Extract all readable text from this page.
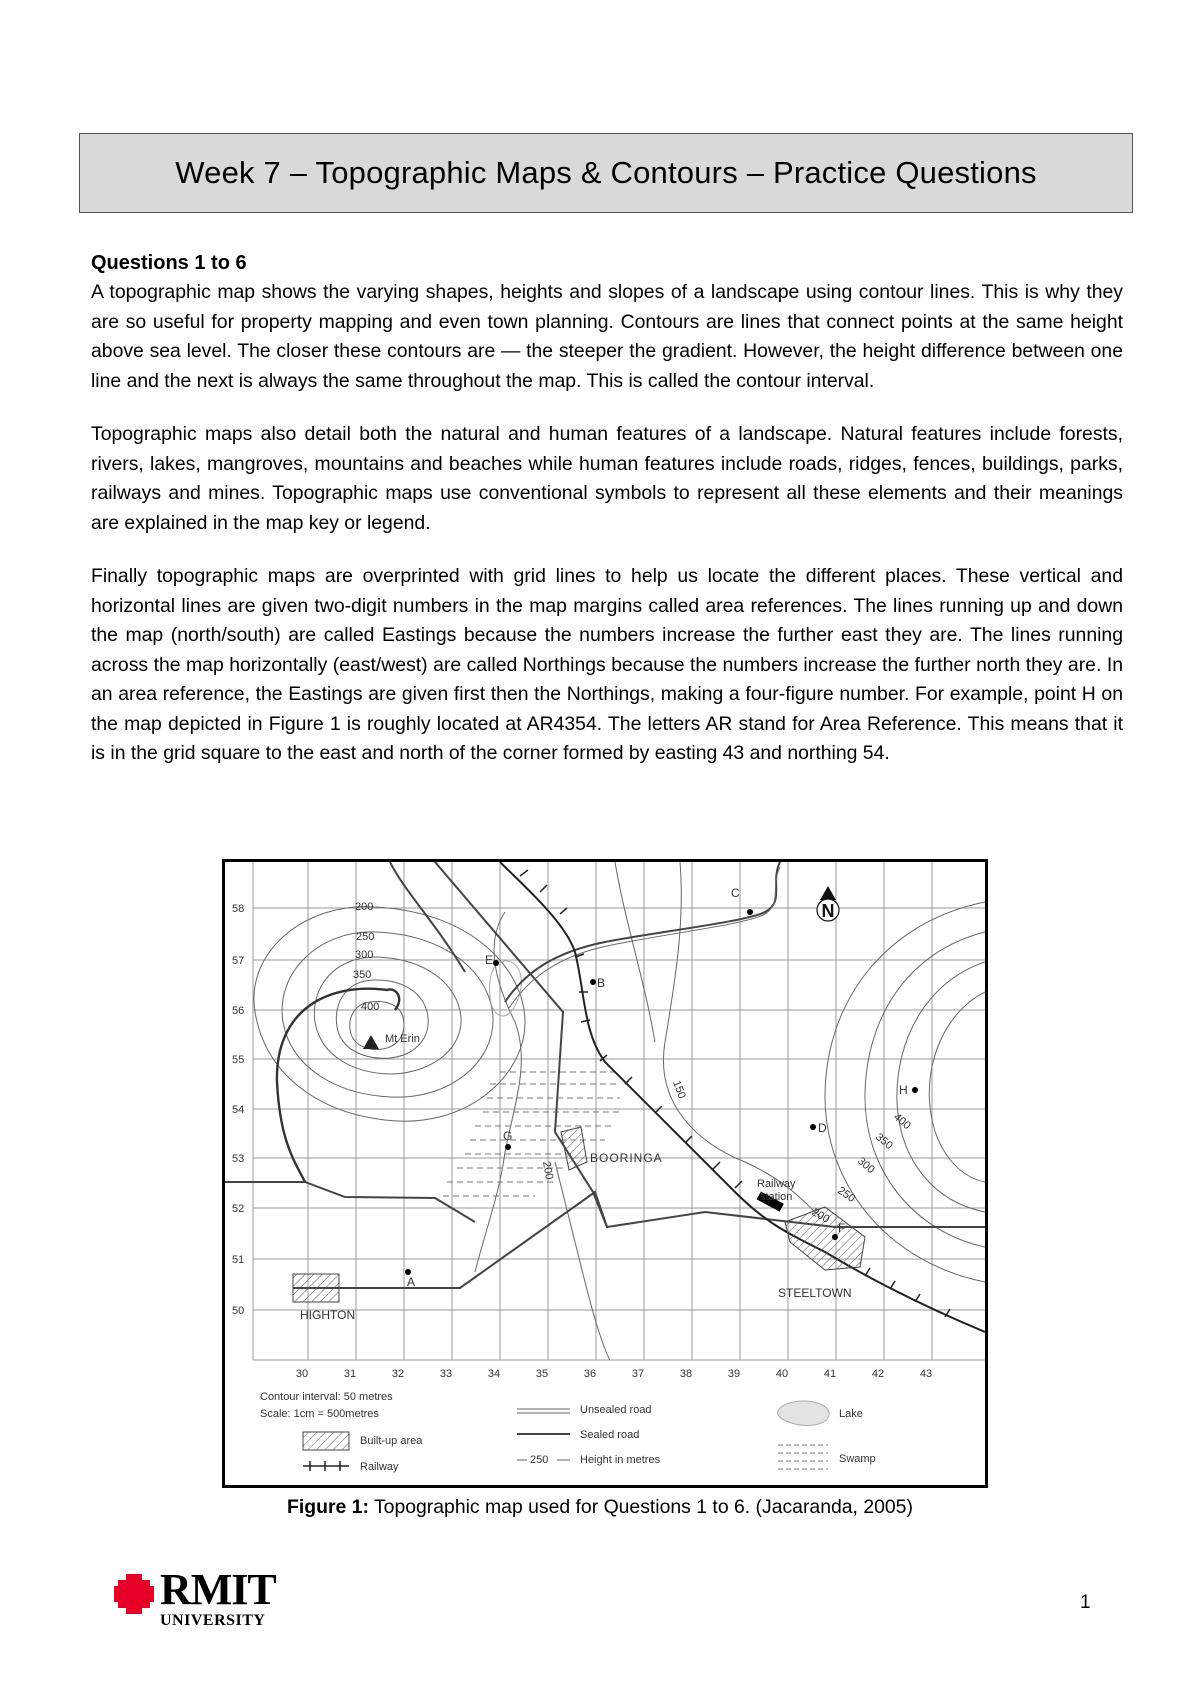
Week 7 – Topographic Maps & Contours – Practice Questions
Questions 1 to 6

A topographic map shows the varying shapes, heights and slopes of a landscape using contour lines. This is why they are so useful for property mapping and even town planning. Contours are lines that connect points at the same height above sea level. The closer these contours are — the steeper the gradient. However, the height difference between one line and the next is always the same throughout the map. This is called the contour interval.

Topographic maps also detail both the natural and human features of a landscape. Natural features include forests, rivers, lakes, mangroves, mountains and beaches while human features include roads, ridges, fences, buildings, parks, railways and mines. Topographic maps use conventional symbols to represent all these elements and their meanings are explained in the map key or legend.

Finally topographic maps are overprinted with grid lines to help us locate the different places. These vertical and horizontal lines are given two-digit numbers in the map margins called area references. The lines running up and down the map (north/south) are called Eastings because the numbers increase the further east they are. The lines running across the map horizontally (east/west) are called Northings because the numbers increase the further north they are. In an area reference, the Eastings are given first then the Northings, making a four-figure number. For example, point H on the map depicted in Figure 1 is roughly located at AR4354. The letters AR stand for Area Reference. This means that it is in the grid square to the east and north of the corner formed by easting 43 and northing 54.

58
57
56
55
54
53
52
51
50
30	31	32	33	34	35	36	37	38	39	40	41	42	43
A
B
C
D
E
F
G
H
200
250
300
350
400
150
200
400
350
300
250
200
Mt Erin
BOORINGA
HIGHTON
STEELTOWN
Railway
station
N
Contour interval: 50 metres
Scale: 1cm = 500metres
Built-up area
Railway
Unsealed road
Sealed road
250	Height in metres
Lake
Swamp
Figure 1: Topographic map used for Questions 1 to 6. (Jacaranda, 2005)
RMIT
UNIVERSITY
1
